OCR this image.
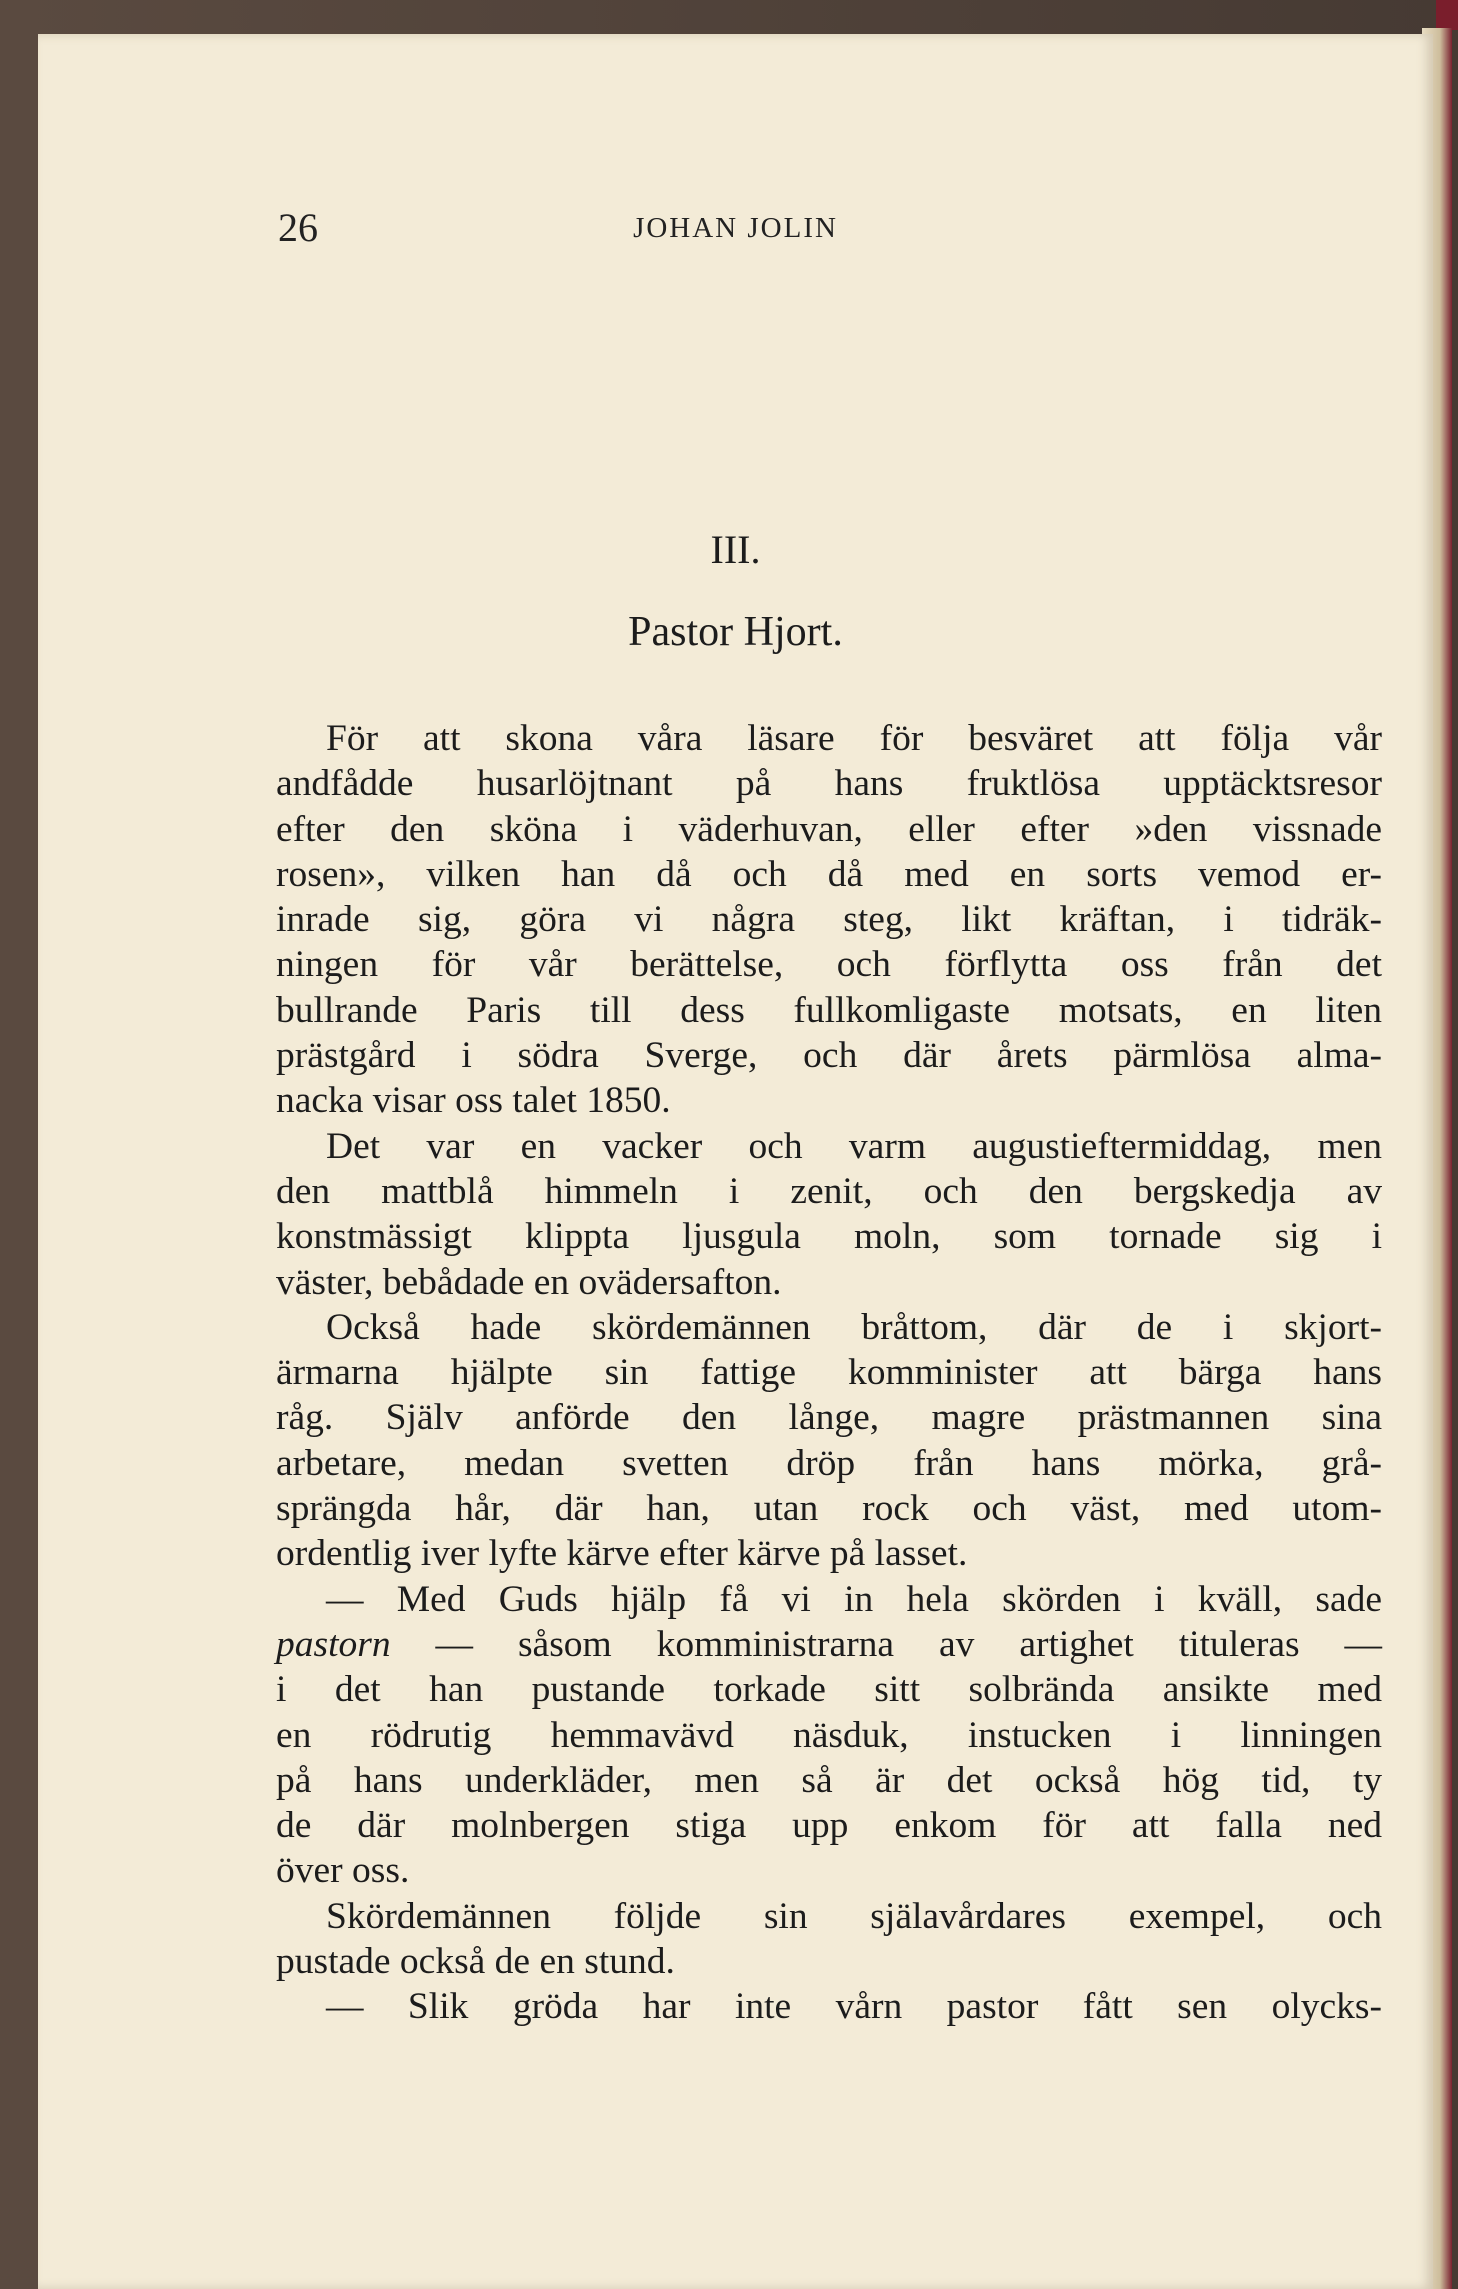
26	JOHAN JOLIN
III.
Pastor Hjort.
För att skona våra läsare för besväret att följa vår
andfådde husarlöjtnant på hans fruktlösa upptäcktsresor
efter den sköna i väderhuvan, eller efter »den vissnade
rosen», vilken han då och då med en sorts vemod er-
inrade sig, göra vi några steg, likt kräftan, i tidräk-
ningen för vår berättelse, och förflytta oss från det
bullrande Paris till dess fullkomligaste motsats, en liten
prästgård i södra Sverge, och där årets pärmlösa alma-
nacka visar oss talet 1850.
Det var en vacker och varm augustieftermiddag, men
den mattblå himmeln i zenit, och den bergskedja av
konstmässigt klippta ljusgula moln, som tornade sig i
väster, bebådade en ovädersafton.
Också hade skördemännen bråttom, där de i skjort-
ärmarna hjälpte sin fattige komminister att bärga hans
råg. Själv anförde den långe, magre prästmannen sina
arbetare, medan svetten dröp från hans mörka, grå-
sprängda hår, där han, utan rock och väst, med utom-
ordentlig iver lyfte kärve efter kärve på lasset.
— Med Guds hjälp få vi in hela skörden i kväll, sade
pastorn — såsom komministrarna av artighet tituleras —
i det han pustande torkade sitt solbrända ansikte med
en rödrutig hemmavävd näsduk, instucken i linningen
på hans underkläder, men så är det också hög tid, ty
de där molnbergen stiga upp enkom för att falla ned
över oss.
Skördemännen följde sin själavårdares exempel, och
pustade också de en stund.
— Slik gröda har inte vårn pastor fått sen olycks-
